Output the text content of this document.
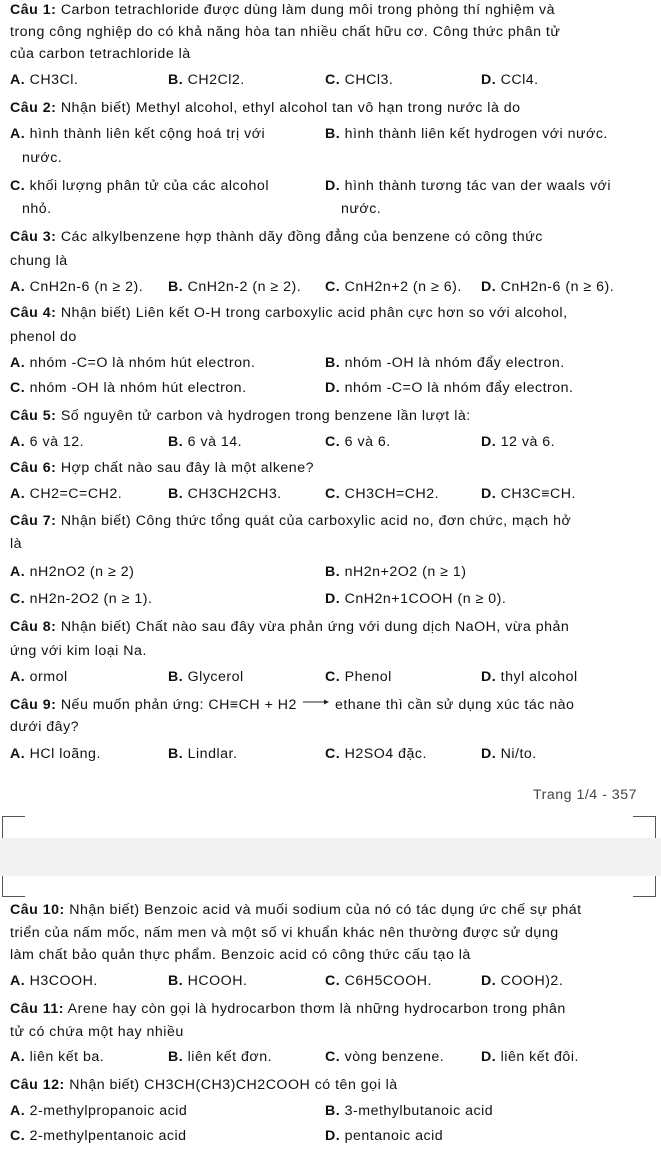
Câu 1: Carbon tetrachloride được dùng làm dung môi trong phòng thí nghiệm và
trong công nghiệp do có khả năng hòa tan nhiều chất hữu cơ. Công thức phân tử
của carbon tetrachloride là
A. CH3Cl.	B. CH2Cl2.	C. CHCl3.	D. CCl4.
Câu 2: Nhận biết) Methyl alcohol, ethyl alcohol tan vô hạn trong nước là do
A. hình thành liên kết cộng hoá trị với
nước.
B. hình thành liên kết hydrogen với nước.
C. khối lượng phân tử của các alcohol
nhỏ.
D. hình thành tương tác van der waals với
nước.
Câu 3: Các alkylbenzene hợp thành dãy đồng đẳng của benzene có công thức
chung là
A. CnH2n-6 (n ≥ 2). B. CnH2n-2 (n ≥ 2). C. CnH2n+2 (n ≥ 6). D. CnH2n-6 (n ≥ 6).
Câu 4: Nhận biết) Liên kết O-H trong carboxylic acid phân cực hơn so với alcohol,
phenol do
A. nhóm -C=O là nhóm hút electron.	B. nhóm -OH là nhóm đẩy electron.
C. nhóm -OH là nhóm hút electron.	D. nhóm -C=O là nhóm đẩy electron.
Câu 5: Số nguyên tử carbon và hydrogen trong benzene lần lượt là:
A. 6 và 12.	B. 6 và 14.	C. 6 và 6.	D. 12 và 6.
Câu 6: Hợp chất nào sau đây là một alkene?
A. CH2=C=CH2.	B. CH3CH2CH3.	C. CH3CH=CH2.	D. CH3C≡CH.
Câu 7: Nhận biết) Công thức tổng quát của carboxylic acid no, đơn chức, mạch hở
là
A. nH2nO2 (n ≥ 2)	B. nH2n+2O2 (n ≥ 1)
C. nH2n-2O2 (n ≥ 1).	D. CnH2n+1COOH (n ≥ 0).
Câu 8: Nhận biết) Chất nào sau đây vừa phản ứng với dung dịch NaOH, vừa phản
ứng với kim loại Na.
A. ormol	B. Glycerol	C. Phenol	D. thyl alcohol
Câu 9: Nếu muốn phản ứng: CH≡CH + H2 → ethane thì cần sử dụng xúc tác nào
dưới đây?
A. HCl loãng.	B. Lindlar.	C. H2SO4 đặc.	D. Ni/to.
Trang 1/4 - 357
Câu 10: Nhận biết) Benzoic acid và muối sodium của nó có tác dụng ức chế sự phát
triển của nấm mốc, nấm men và một số vi khuẩn khác nên thường được sử dụng
làm chất bảo quản thực phẩm. Benzoic acid có công thức cấu tạo là
A. H3COOH.	B. HCOOH.	C. C6H5COOH.	D. COOH)2.
Câu 11: Arene hay còn gọi là hydrocarbon thơm là những hydrocarbon trong phân
tử có chứa một hay nhiều
A. liên kết ba.	B. liên kết đơn.	C. vòng benzene.	D. liên kết đôi.
Câu 12: Nhận biết) CH3CH(CH3)CH2COOH có tên gọi là
A. 2-methylpropanoic acid	B. 3-methylbutanoic acid
C. 2-methylpentanoic acid	D. pentanoic acid
